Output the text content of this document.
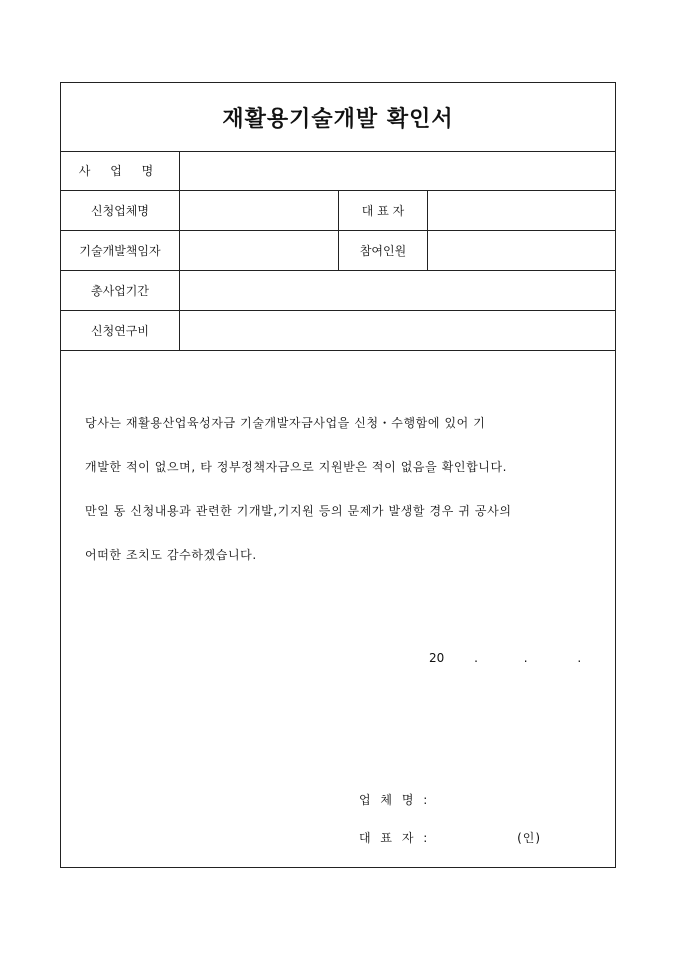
재활용기술개발 확인서
사 업 명
신청업체명	대 표 자
기술개발책임자	참여인원
총사업기간
신청연구비

당사는 재활용산업육성자금 기술개발자금사업을 신청・수행함에 있어 기

개발한 적이 없으며, 타 정부정책자금으로 지원받은 적이 없음을 확인합니다.

만일 동 신청내용과 관련한 기개발,기지원 등의 문제가 발생할 경우 귀 공사의

어떠한 조치도 감수하겠습니다.

20 .	.	.
업 체 명 :
대 표 자 :	(인)
